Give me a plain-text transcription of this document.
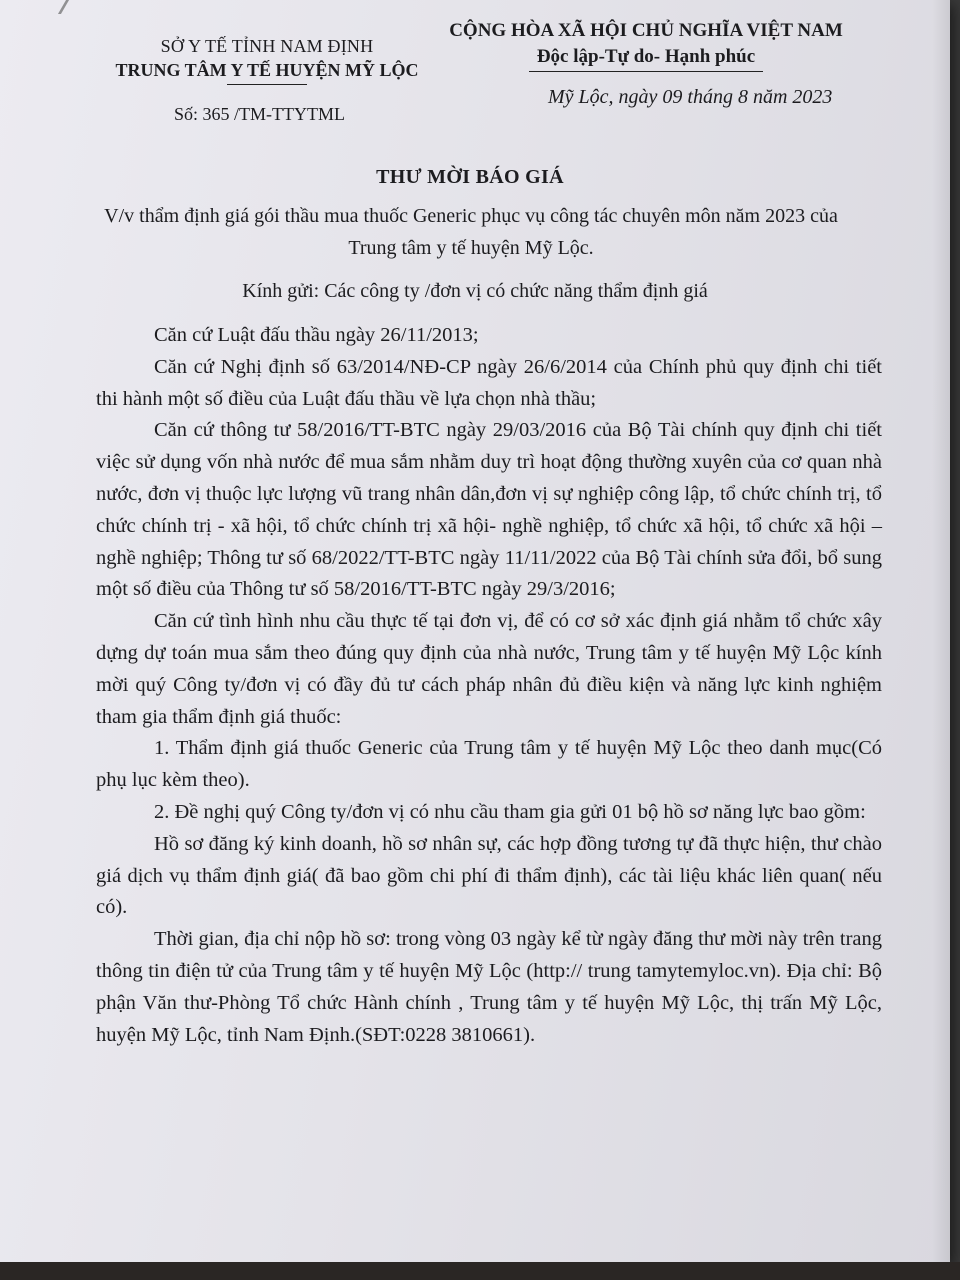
SỞ Y TẾ TỈNH NAM ĐỊNH
TRUNG TÂM Y TẾ HUYỆN MỸ LỘC
Số: 365 /TM-TTYTML
CỘNG HÒA XÃ HỘI CHỦ NGHĨA VIỆT NAM
Độc lập-Tự do- Hạnh phúc
Mỹ Lộc, ngày 09 tháng 8 năm 2023
THƯ MỜI BÁO GIÁ
V/v thẩm định giá gói thầu mua thuốc Generic phục vụ công tác chuyên môn năm 2023 của Trung tâm y tế huyện Mỹ Lộc.
Kính gửi: Các công ty /đơn vị có chức năng thẩm định giá

Căn cứ Luật đấu thầu ngày 26/11/2013;

Căn cứ Nghị định số 63/2014/NĐ-CP ngày 26/6/2014 của Chính phủ quy định chi tiết thi hành một số điều của Luật đấu thầu về lựa chọn nhà thầu;

Căn cứ thông tư 58/2016/TT-BTC ngày 29/03/2016 của Bộ Tài chính quy định chi tiết việc sử dụng vốn nhà nước để mua sắm nhằm duy trì hoạt động thường xuyên của cơ quan nhà nước, đơn vị thuộc lực lượng vũ trang nhân dân,đơn vị sự nghiệp công lập, tổ chức chính trị, tổ chức chính trị - xã hội, tổ chức chính trị xã hội- nghề nghiệp, tổ chức xã hội, tổ chức xã hội – nghề nghiệp; Thông tư số 68/2022/TT-BTC ngày 11/11/2022 của Bộ Tài chính sửa đổi, bổ sung một số điều của Thông tư số 58/2016/TT-BTC ngày 29/3/2016;

Căn cứ tình hình nhu cầu thực tế tại đơn vị, để có cơ sở xác định giá nhằm tổ chức xây dựng dự toán mua sắm theo đúng quy định của nhà nước, Trung tâm y tế huyện Mỹ Lộc kính mời quý Công ty/đơn vị có đầy đủ tư cách pháp nhân đủ điều kiện và năng lực kinh nghiệm tham gia thẩm định giá thuốc:

1. Thẩm định giá thuốc Generic của Trung tâm y tế huyện Mỹ Lộc theo danh mục(Có phụ lục kèm theo).

2. Đề nghị quý Công ty/đơn vị có nhu cầu tham gia gửi 01 bộ hồ sơ năng lực bao gồm:

Hồ sơ đăng ký kinh doanh, hồ sơ nhân sự, các hợp đồng tương tự đã thực hiện, thư chào giá dịch vụ thẩm định giá( đã bao gồm chi phí đi thẩm định), các tài liệu khác liên quan( nếu có).

Thời gian, địa chỉ nộp hồ sơ: trong vòng 03 ngày kể từ ngày đăng thư mời này trên trang thông tin điện tử của Trung tâm y tế huyện Mỹ Lộc (http:// trung tamytemyloc.vn). Địa chỉ: Bộ phận Văn thư-Phòng Tổ chức Hành chính , Trung tâm y tế huyện Mỹ Lộc, thị trấn Mỹ Lộc, huyện Mỹ Lộc, tỉnh Nam Định.(SĐT:0228 3810661).
